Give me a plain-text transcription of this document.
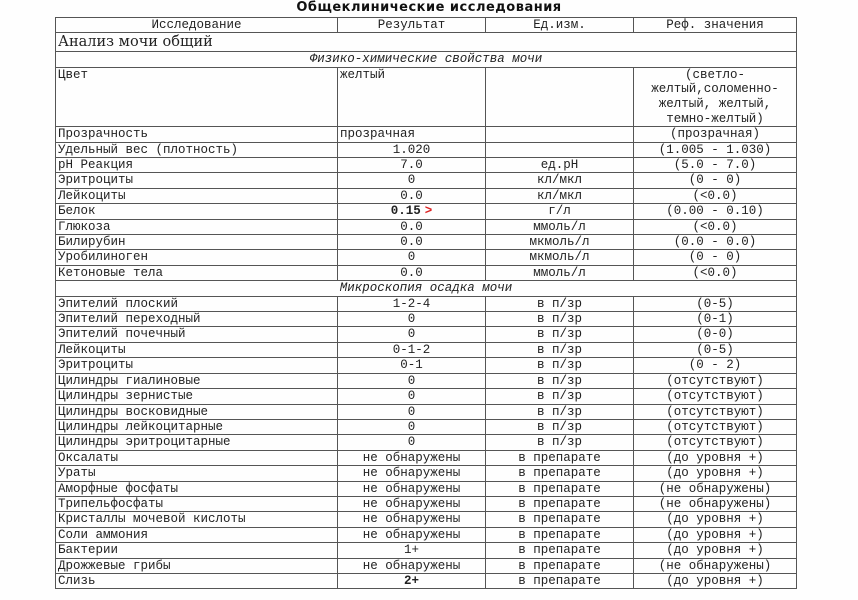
Общеклинические исследования
Исследование	Результат	Ед.изм.	Реф. значения
Анализ мочи общий			
Физико-химические свойства мочи			
Цвет	желтый		(светло-желтый,соломенно-желтый, желтый, темно-желтый)
Прозрачность	прозрачная		(прозрачная)
Удельный вес (плотность)	1.020		(1.005 - 1.030)
pH Реакция	7.0	ед.pH	(5.0 - 7.0)
Эритроциты	0	кл/мкл	(0 - 0)
Лейкоциты	0.0	кл/мкл	(<0.0)
Белок	0.15 >	г/л	(0.00 - 0.10)
Глюкоза	0.0	ммоль/л	(<0.0)
Билирубин	0.0	мкмоль/л	(0.0 - 0.0)
Уробилиноген	0	мкмоль/л	(0 - 0)
Кетоновые тела	0.0	ммоль/л	(<0.0)
Микроскопия осадка мочи			
Эпителий плоский	1-2-4	в п/зр	(0-5)
Эпителий переходный	0	в п/зр	(0-1)
Эпителий почечный	0	в п/зр	(0-0)
Лейкоциты	0-1-2	в п/зр	(0-5)
Эритроциты	0-1	в п/зр	(0 - 2)
Цилиндры гиалиновые	0	в п/зр	(отсутствуют)
Цилиндры зернистые	0	в п/зр	(отсутствуют)
Цилиндры восковидные	0	в п/зр	(отсутствуют)
Цилиндры лейкоцитарные	0	в п/зр	(отсутствуют)
Цилиндры эритроцитарные	0	в п/зр	(отсутствуют)
Оксалаты	не обнаружены	в препарате	(до уровня +)
Ураты	не обнаружены	в препарате	(до уровня +)
Аморфные фосфаты	не обнаружены	в препарате	(не обнаружены)
Трипельфосфаты	не обнаружены	в препарате	(не обнаружены)
Кристаллы мочевой кислоты	не обнаружены	в препарате	(до уровня +)
Соли аммония	не обнаружены	в препарате	(до уровня +)
Бактерии	1+	в препарате	(до уровня +)
Дрожжевые грибы	не обнаружены	в препарате	(не обнаружены)
Слизь	2+	в препарате	(до уровня +)
